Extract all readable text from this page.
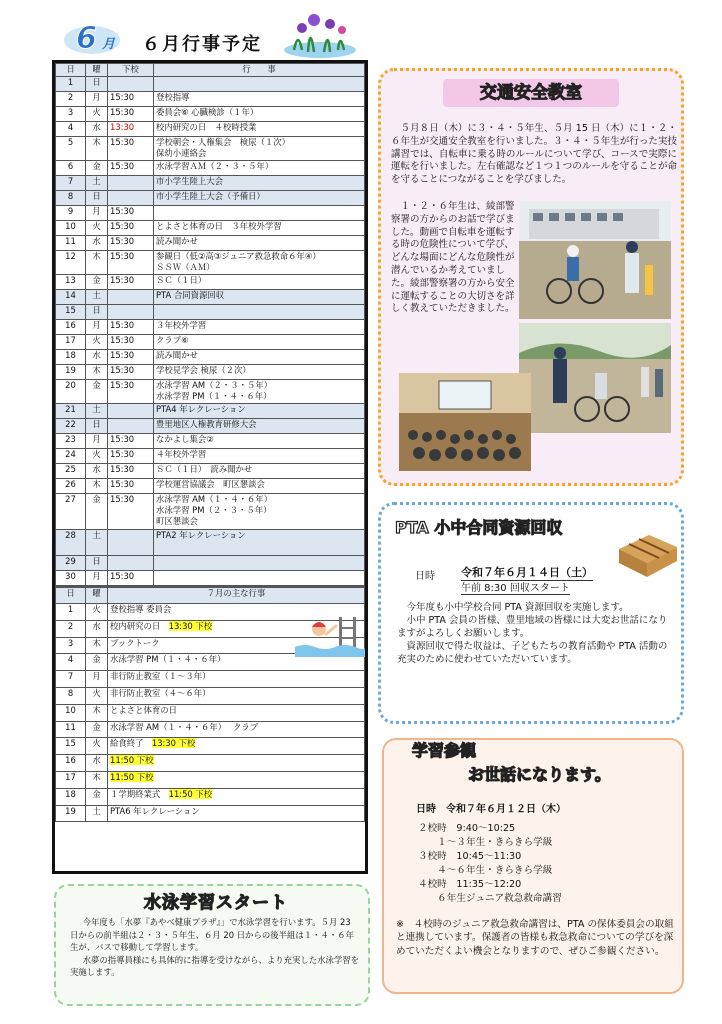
6 月 ６月行事予定
日	曜	下校	行　　事
1	日		

2	月	15:30	登校指導

3	火	15:30	委員会⑥ 心臓検診（１年）

4	水	13:30	校内研究の日　４校時授業

5	木	15:30	学校朝会・人権集会　検尿（１次）
保幼小連絡会

6	金	15:30	水泳学習ＡＭ（２・３・５年）

7	土		市小学生陸上大会

8	日		市小学生陸上大会（予備日）

9	月	15:30	

10	火	15:30	とよさと体育の日　３年校外学習

11	水	15:30	読み聞かせ

12	木	15:30	参観日（低②高③ジュニア救急救命６年④）
ＳＳＷ（ＡＭ）

13	金	15:30	ＳＣ（１日）

14	土		PTA 合同資源回収

15	日		

16	月	15:30	３年校外学習

17	火	15:30	クラブ⑥

18	水	15:30	読み聞かせ

19	木	15:30	学校見学会 検尿（２次）

20	金	15:30	水泳学習 AM（２・３・５年）
水泳学習 PM（１・４・６年）

21	土		PTA4 年レクレーション

22	日		豊里地区人権教育研修大会

23	月	15:30	なかよし集会②

24	火	15:30	４年校外学習

25	水	15:30	ＳＣ（１日）　読み聞かせ

26	木	15:30	学校運営協議会　町区懇談会

27	金	15:30	水泳学習 AM（１・４・６年）
水泳学習 PM（２・３・５年）
町区懇談会

28	土		PTA2 年レクレーション

29	日		

30	月	15:30	
日	曜	７月の主な行事
1	火	登校指導 委員会
2	水	校内研究の日　13:30 下校
3	木	ブックトーク
4	金	水泳学習 PM（１・４・６年）
7	月	非行防止教室（１～３年）
8	火	非行防止教室（４～６年）
10	木	とよさと体育の日
11	金	水泳学習 AM（１・４・６年）　 クラブ
15	火	給食終了　13:30 下校
16	水	11:50 下校
17	木	11:50 下校
18	金	１学期終業式　11:50 下校
19	土	PTA6 年レクレーション
水泳学習スタート
今年度も「水夢『あやべ健康プラザ』」で水泳学習を行います。５月 23 日からの前半組は２・３・５年生、６月 20 日からの後半組は１・４・６年生が、バスで移動して学習します。
水夢の指導員様にも具体的に指導を受けながら、より充実した水泳学習を実施します。
交通安全教室
５月８日（木）に３・４・５年生、５月 15 日（木）に１・２・６年生が交通安全教室を行いました。３・４・５年生が行った実技講習では、自転車に乗る時のルールについて学び、コースで実際に運転を行いました。左右確認など１つ１つのルールを守ることが命を守ることにつながることを学びました。
１・２・６年生は、綾部警察署の方からのお話で学びました。動画で自転車を運転する時の危険性について学び、どんな場面にどんな危険性が潜んでいるか考えていました。綾部警察署の方から安全に運転することの大切さを詳しく教えていただきました。
PTA 小中合同資源回収
日時 令和７年６月１４日（土）
午前 8:30 回収スタート
今年度も小中学校合同 PTA 資源回収を実施します。
小中 PTA 会員の皆様、豊里地域の皆様には大変お世話になりますがよろしくお願いします。
資源回収で得た収益は、子どもたちの教育活動や PTA 活動の充実のために使わせていただいています。
学習参観
お世話になります。
日時　令和７年６月１２日（木）
２校時　9:40～10:25
　　１～３年生・きらきら学級
３校時　10:45～11:30
　　４～６年生・きらきら学級
４校時　11:35～12:20
　　６年生ジュニア救急救命講習
※　４校時のジュニア救急救命講習は、PTA の保体委員会の取組と連携しています。保護者の皆様も救急救命についての学びを深めていただくよい機会となりますので、ぜひご参観ください。
